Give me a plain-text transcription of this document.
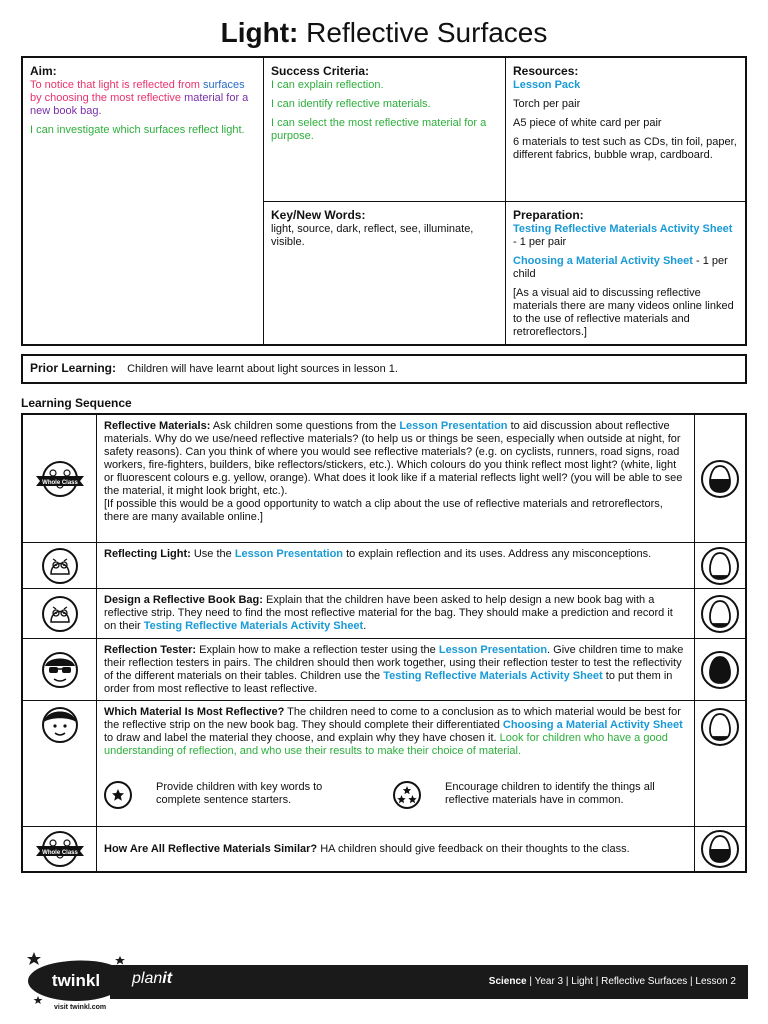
Light: Reflective Surfaces
Aim:

To notice that light is reflected from surfaces by choosing the most reflective material for a new book bag.

I can investigate which surfaces reflect light.

Success Criteria:

I can explain reflection.

I can identify reflective materials.

I can select the most reflective material for a purpose.

Resources:

Lesson Pack

Torch per pair

A5 piece of white card per pair

6 materials to test such as CDs, tin foil, paper, different fabrics, bubble wrap, cardboard.

Key/New Words:

light, source, dark, reflect, see, illuminate, visible.

Preparation:

Testing Reflective Materials Activity Sheet - 1 per pair

Choosing a Material Activity Sheet - 1 per child

[As a visual aid to discussing reflective materials there are many videos online linked to the use of reflective materials and retroreflectors.]

Prior Learning: Children will have learnt about light sources in lesson 1.
Learning Sequence
Whole Class

Reflective Materials: Ask children some questions from the Lesson Presentation to aid discussion about reflective materials. Why do we use/need reflective materials? (to help us or things be seen, especially when outside at night, for safety reasons). Can you think of where you would see reflective materials? (e.g. on cyclists, runners, road signs, road workers, fire-fighters, builders, bike reflectors/stickers, etc.). Which colours do you think reflect most light? (white, light or fluorescent colours e.g. yellow, orange). What does it look like if a material reflects light well? (you will be able to see the material, it might look bright, etc.).

[If possible this would be a good opportunity to watch a clip about the use of reflective materials and retroreflectors, there are many available online.]

Reflecting Light: Use the Lesson Presentation to explain reflection and its uses. Address any misconceptions.

Design a Reflective Book Bag: Explain that the children have been asked to help design a new book bag with a reflective strip. They need to find the most reflective material for the bag. They should make a prediction and record it on their Testing Reflective Materials Activity Sheet.

Reflection Tester: Explain how to make a reflection tester using the Lesson Presentation. Give children time to make their reflection testers in pairs. The children should then work together, using their reflection tester to test the reflectivity of the different materials on their tables. Children use the Testing Reflective Materials Activity Sheet to put them in order from most reflective to least reflective.

Which Material Is Most Reflective? The children need to come to a conclusion as to which material would be best for the reflective strip on the new book bag. They should complete their differentiated Choosing a Material Activity Sheet to draw and label the material they choose, and explain why they have chosen it. Look for children who have a good understanding of reflection, and who use their results to make their choice of material.

Provide children with key words to complete sentence starters.
Encourage children to identify the things all reflective materials have in common.
Whole Class How Are All Reflective Materials Similar? HA children should give feedback on their thoughts to the class.

twinkl planit
visit twinkl.com
Science | Year 3 | Light | Reflective Surfaces | Lesson 2
